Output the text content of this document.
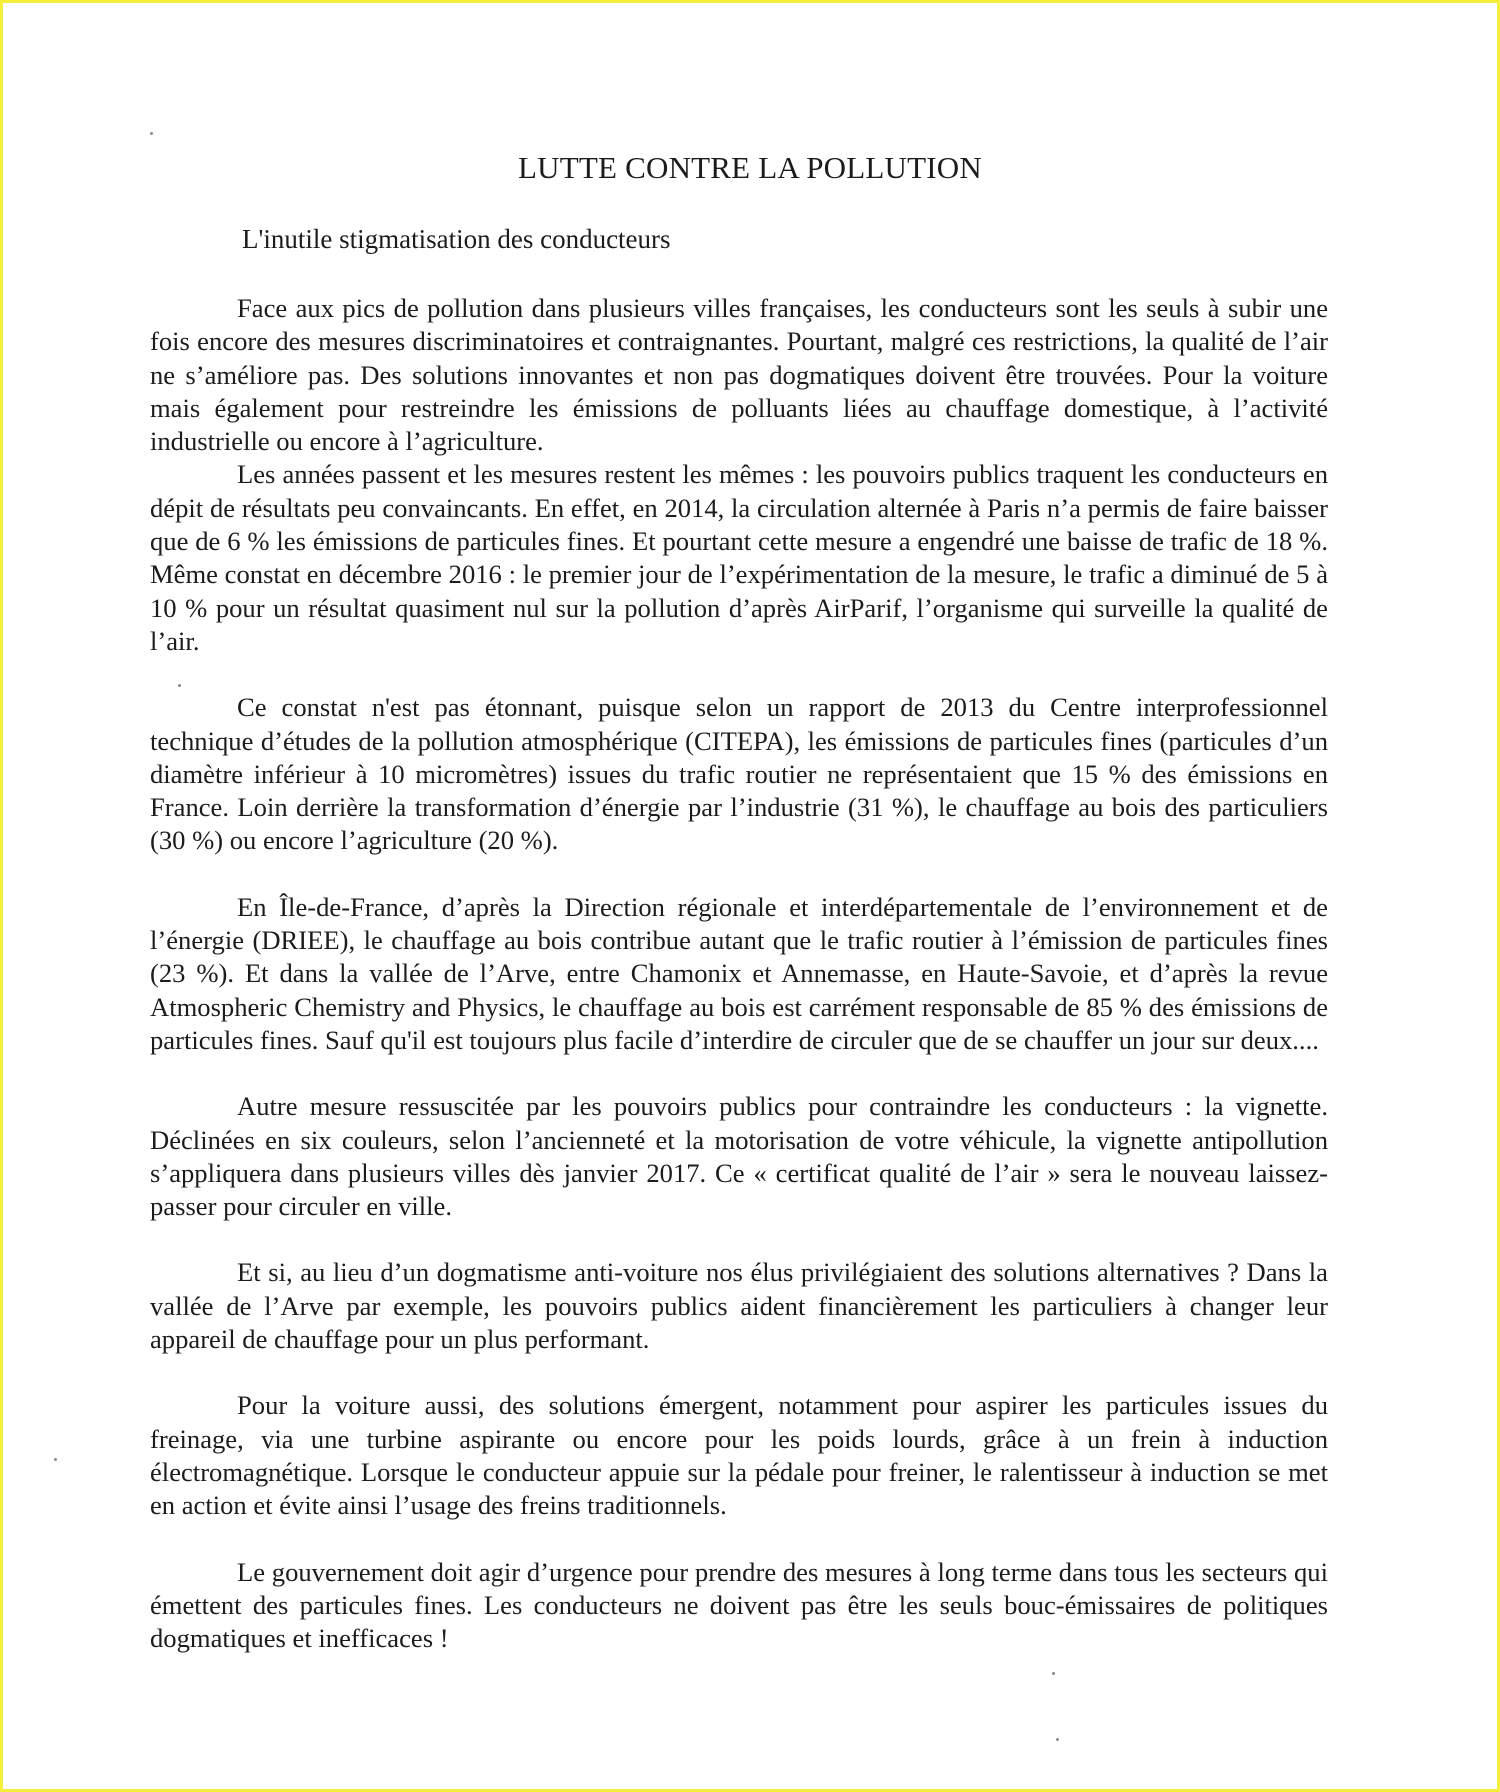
LUTTE CONTRE LA POLLUTION
L'inutile stigmatisation des conducteurs

Face aux pics de pollution dans plusieurs villes françaises, les conducteurs sont les seuls à subir une fois encore des mesures discriminatoires et contraignantes. Pourtant, malgré ces restrictions, la qualité de l’air ne s’améliore pas. Des solutions innovantes et non pas dogmatiques doivent être trouvées. Pour la voiture mais également pour restreindre les émissions de polluants liées au chauffage domestique, à l’activité industrielle ou encore à l’agriculture.

Les années passent et les mesures restent les mêmes : les pouvoirs publics traquent les conducteurs en dépit de résultats peu convaincants. En effet, en 2014, la circulation alternée à Paris n’a permis de faire baisser que de 6 % les émissions de particules fines. Et pourtant cette mesure a engendré une baisse de trafic de 18 %. Même constat en décembre 2016 : le premier jour de l’expérimentation de la mesure, le trafic a diminué de 5 à 10 % pour un résultat quasiment nul sur la pollution d’après AirParif, l’organisme qui surveille la qualité de l’air.

Ce constat n'est pas étonnant, puisque selon un rapport de 2013 du Centre interprofessionnel technique d’études de la pollution atmosphérique (CITEPA), les émissions de particules fines (particules d’un diamètre inférieur à 10 micromètres) issues du trafic routier ne représentaient que 15 % des émissions en France. Loin derrière la transformation d’énergie par l’industrie (31 %), le chauffage au bois des particuliers (30 %) ou encore l’agriculture (20 %).

En Île-de-France, d’après la Direction régionale et interdépartementale de l’environnement et de l’énergie (DRIEE), le chauffage au bois contribue autant que le trafic routier à l’émission de particules fines (23 %). Et dans la vallée de l’Arve, entre Chamonix et Annemasse, en Haute-Savoie, et d’après la revue Atmospheric Chemistry and Physics, le chauffage au bois est carrément responsable de 85 % des émissions de particules fines. Sauf qu'il est toujours plus facile d’interdire de circuler que de se chauffer un jour sur deux....

Autre mesure ressuscitée par les pouvoirs publics pour contraindre les conducteurs : la vignette. Déclinées en six couleurs, selon l’ancienneté et la motorisation de votre véhicule, la vignette antipollution s’appliquera dans plusieurs villes dès janvier 2017. Ce « certificat qualité de l’air » sera le nouveau laissez-passer pour circuler en ville.

Et si, au lieu d’un dogmatisme anti-voiture nos élus privilégiaient des solutions alternatives ? Dans la vallée de l’Arve par exemple, les pouvoirs publics aident financièrement les particuliers à changer leur appareil de chauffage pour un plus performant.

Pour la voiture aussi, des solutions émergent, notamment pour aspirer les particules issues du freinage, via une turbine aspirante ou encore pour les poids lourds, grâce à un frein à induction électromagnétique. Lorsque le conducteur appuie sur la pédale pour freiner, le ralentisseur à induction se met en action et évite ainsi l’usage des freins traditionnels.

Le gouvernement doit agir d’urgence pour prendre des mesures à long terme dans tous les secteurs qui émettent des particules fines. Les conducteurs ne doivent pas être les seuls bouc-émissaires de politiques dogmatiques et inefficaces !
